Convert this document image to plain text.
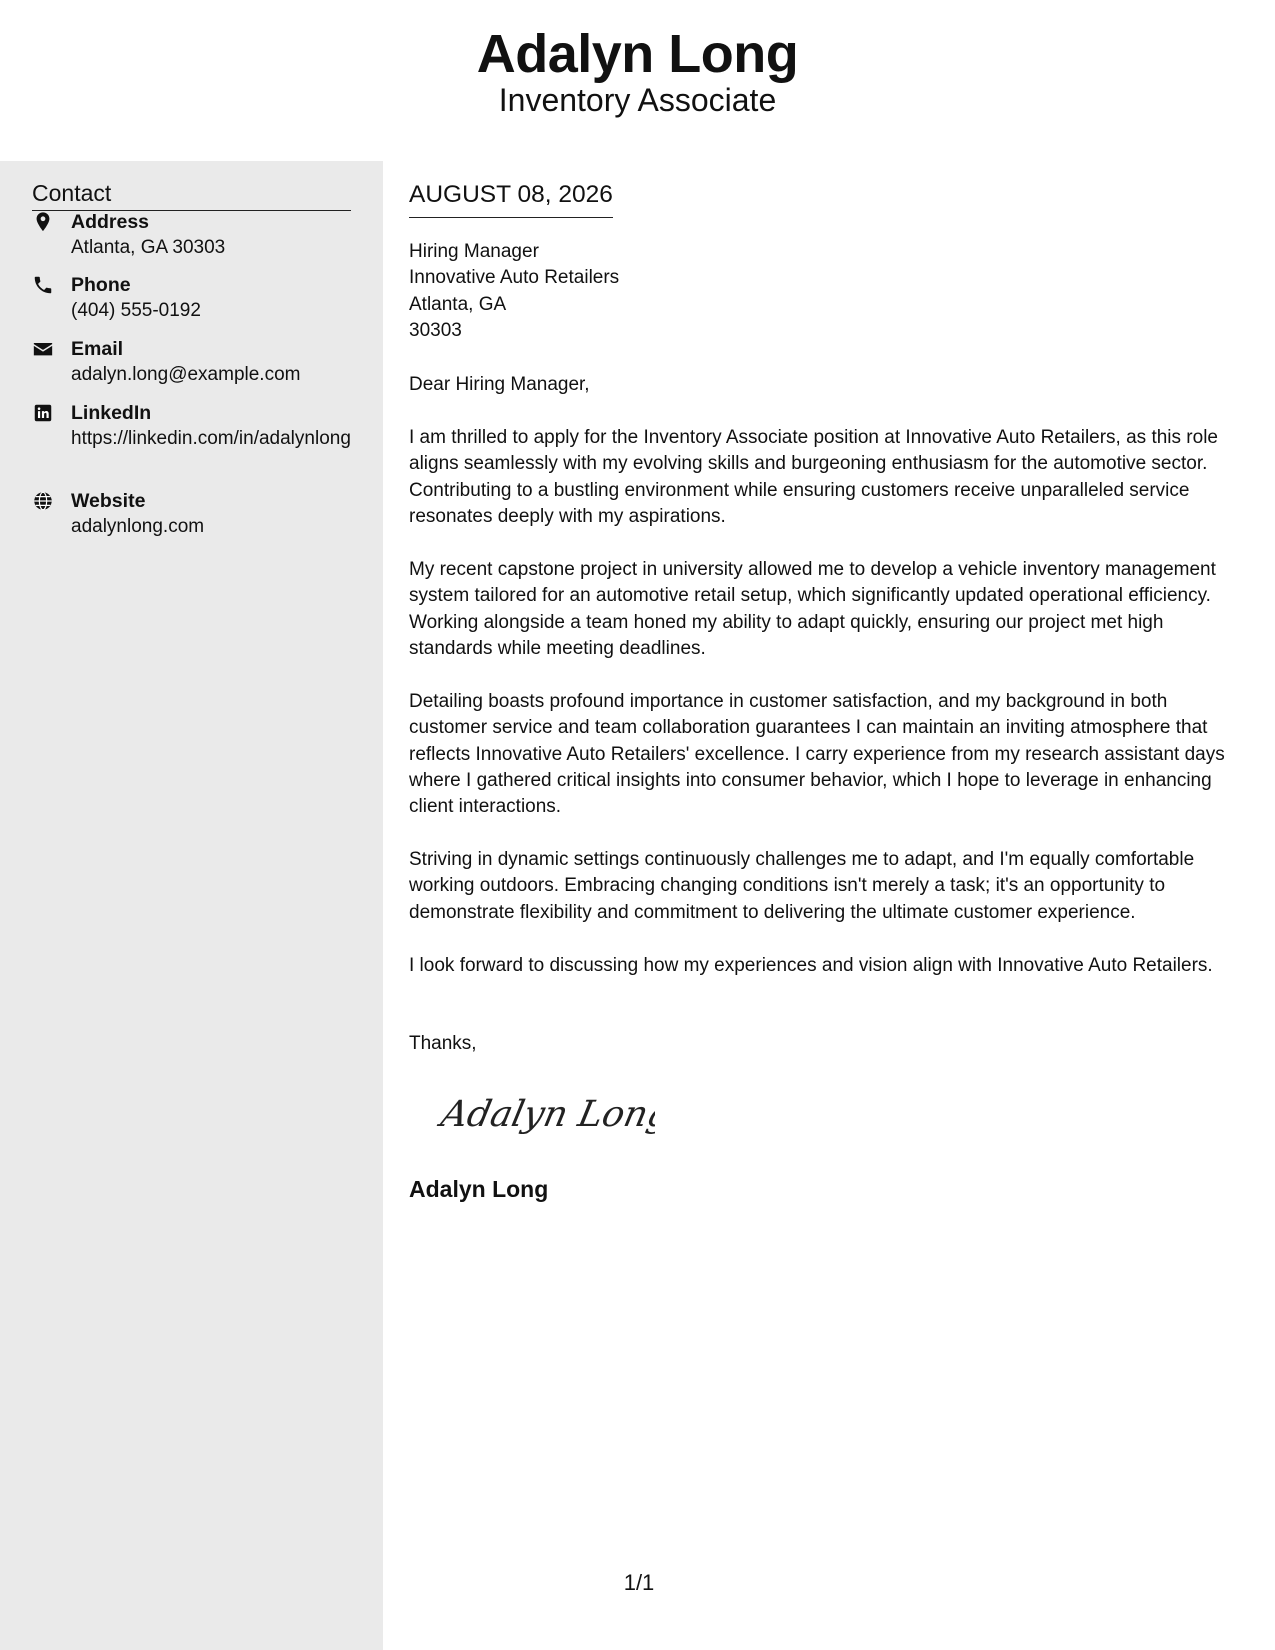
Adalyn Long
Inventory Associate
Contact
Address
Atlanta, GA 30303
Phone
(404) 555-0192
Email
adalyn.long@example.com
LinkedIn
https://linkedin.com/in/adalynlong
Website
adalynlong.com
AUGUST 08, 2026
Hiring Manager
Innovative Auto Retailers
Atlanta, GA
30303
Dear Hiring Manager,
I am thrilled to apply for the Inventory Associate position at Innovative Auto Retailers, as this role aligns seamlessly with my evolving skills and burgeoning enthusiasm for the automotive sector. Contributing to a bustling environment while ensuring customers receive unparalleled service resonates deeply with my aspirations.
My recent capstone project in university allowed me to develop a vehicle inventory management system tailored for an automotive retail setup, which significantly updated operational efficiency. Working alongside a team honed my ability to adapt quickly, ensuring our project met high standards while meeting deadlines.
Detailing boasts profound importance in customer satisfaction, and my background in both customer service and team collaboration guarantees I can maintain an inviting atmosphere that reflects Innovative Auto Retailers' excellence. I carry experience from my research assistant days where I gathered critical insights into consumer behavior, which I hope to leverage in enhancing client interactions.
Striving in dynamic settings continuously challenges me to adapt, and I'm equally comfortable working outdoors. Embracing changing conditions isn't merely a task; it's an opportunity to demonstrate flexibility and commitment to delivering the ultimate customer experience.
I look forward to discussing how my experiences and vision align with Innovative Auto Retailers.
Thanks,
Adalyn Long
Adalyn Long
1/1
